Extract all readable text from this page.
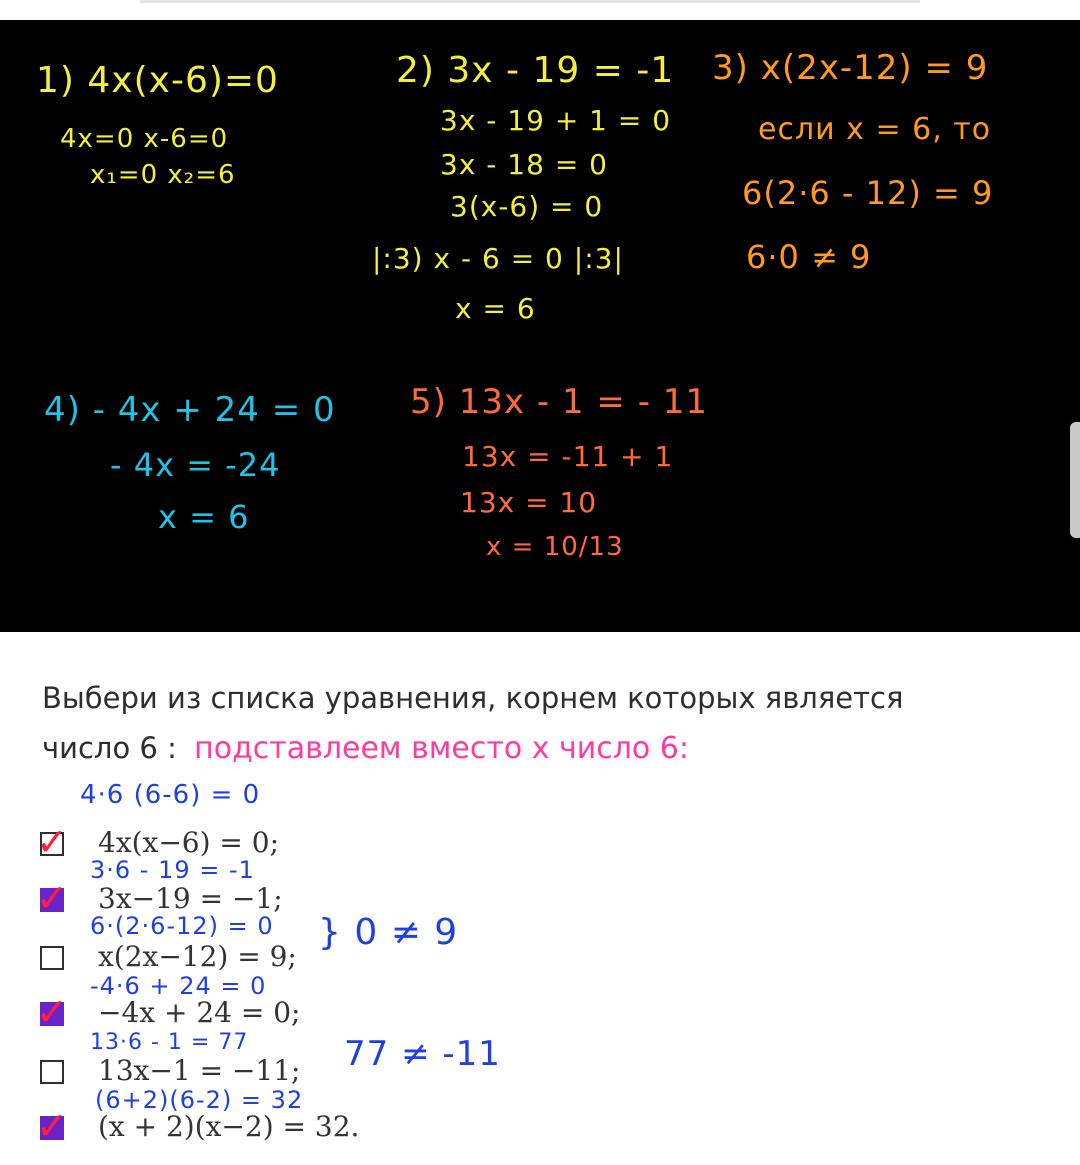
1) 4x(x-6)=0
4x=0 x-6=0
x₁=0 x₂=6
2) 3x - 19 = -1
3x - 19 + 1 = 0
3x - 18 = 0
3(x-6) = 0
|:3) x - 6 = 0 |:3|
x = 6
3) x(2x-12) = 9
если x = 6, то
6(2·6 - 12) = 9
6·0 ≠ 9
4) - 4x + 24 = 0
- 4x = -24
x = 6
5) 13x - 1 = - 11
13x = -11 + 1
13x = 10
x = 10/13
Выбери из списка уравнения, корнем которых является
число 6 : подставлеем вместо x число 6:
4·6 (6-6) = 0
3·6 - 19 = -1
6·(2·6-12) = 0 } 0 ≠ 9
-4·6 + 24 = 0
13·6 - 1 = 77	77 ≠ -11
(6+2)(6-2) = 32
✓ 4x(x−6) = 0;
✓ 3x−19 = −1;
x(2x−12) = 9;
✓ −4x + 24 = 0;
13x−1 = −11;
✓ (x + 2)(x−2) = 32.
